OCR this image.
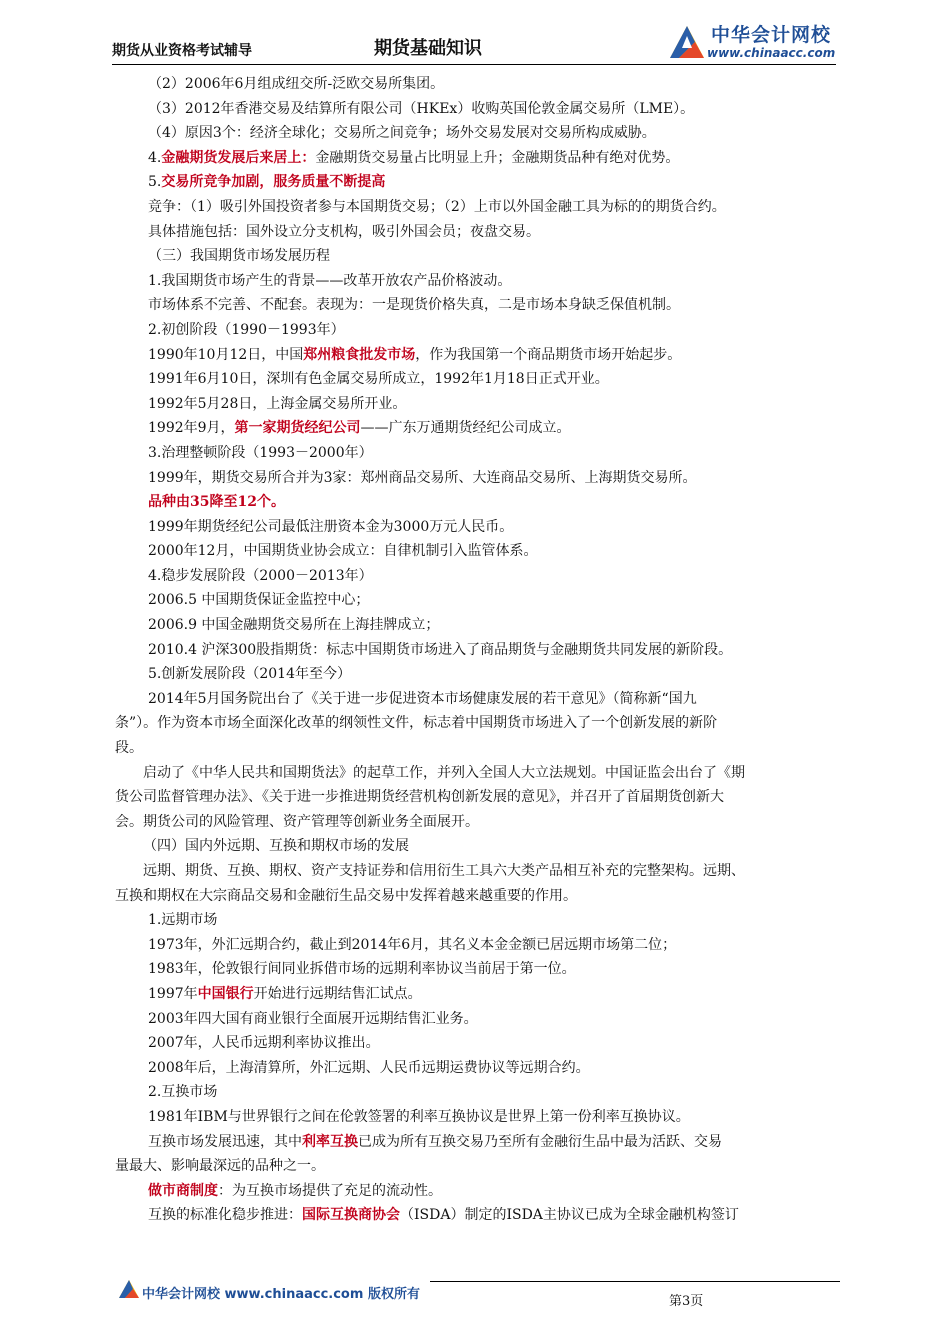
期货从业资格考试辅导	期货基础知识
中华会计网校
www.chinaacc.com
（2）2006年6月组成纽交所-泛欧交易所集团。
（3）2012年香港交易及结算所有限公司（HKEx）收购英国伦敦金属交易所（LME）。
（4）原因3个：经济全球化；交易所之间竞争；场外交易发展对交易所构成威胁。
4.金融期货发展后来居上：金融期货交易量占比明显上升；金融期货品种有绝对优势。
5.交易所竞争加剧，服务质量不断提高
竞争：（1）吸引外国投资者参与本国期货交易；（2）上市以外国金融工具为标的的期货合约。
具体措施包括：国外设立分支机构，吸引外国会员；夜盘交易。
（三）我国期货市场发展历程
1.我国期货市场产生的背景——改革开放农产品价格波动。
市场体系不完善、不配套。表现为：一是现货价格失真，二是市场本身缺乏保值机制。
2.初创阶段（1990－1993年）
1990年10月12日，中国郑州粮食批发市场，作为我国第一个商品期货市场开始起步。
1991年6月10日，深圳有色金属交易所成立，1992年1月18日正式开业。
1992年5月28日，上海金属交易所开业。
1992年9月，第一家期货经纪公司——广东万通期货经纪公司成立。
3.治理整顿阶段（1993－2000年）
1999年，期货交易所合并为3家：郑州商品交易所、大连商品交易所、上海期货交易所。
品种由35降至12个。
1999年期货经纪公司最低注册资本金为3000万元人民币。
2000年12月，中国期货业协会成立：自律机制引入监管体系。
4.稳步发展阶段（2000－2013年）
2006.5 中国期货保证金监控中心；
2006.9 中国金融期货交易所在上海挂牌成立；
2010.4 沪深300股指期货：标志中国期货市场进入了商品期货与金融期货共同发展的新阶段。
5.创新发展阶段（2014年至今）
2014年5月国务院出台了《关于进一步促进资本市场健康发展的若干意见》（简称新“国九
条”）。作为资本市场全面深化改革的纲领性文件，标志着中国期货市场进入了一个创新发展的新阶
段。
启动了《中华人民共和国期货法》的起草工作，并列入全国人大立法规划。中国证监会出台了《期
货公司监督管理办法》、《关于进一步推进期货经营机构创新发展的意见》，并召开了首届期货创新大
会。期货公司的风险管理、资产管理等创新业务全面展开。
（四）国内外远期、互换和期权市场的发展
远期、期货、互换、期权、资产支持证券和信用衍生工具六大类产品相互补充的完整架构。远期、
互换和期权在大宗商品交易和金融衍生品交易中发挥着越来越重要的作用。
1.远期市场
1973年，外汇远期合约，截止到2014年6月，其名义本金金额已居远期市场第二位；
1983年，伦敦银行间同业拆借市场的远期利率协议当前居于第一位。
1997年中国银行开始进行远期结售汇试点。
2003年四大国有商业银行全面展开远期结售汇业务。
2007年，人民币远期利率协议推出。
2008年后，上海清算所，外汇远期、人民币远期运费协议等远期合约。
2.互换市场
1981年IBM与世界银行之间在伦敦签署的利率互换协议是世界上第一份利率互换协议。
互换市场发展迅速，其中利率互换已成为所有互换交易乃至所有金融衍生品中最为活跃、交易
量最大、影响最深远的品种之一。
做市商制度：为互换市场提供了充足的流动性。
互换的标准化稳步推进：国际互换商协会（ISDA）制定的ISDA主协议已成为全球金融机构签订
中华会计网校 www.chinaacc.com 版权所有	第3页
